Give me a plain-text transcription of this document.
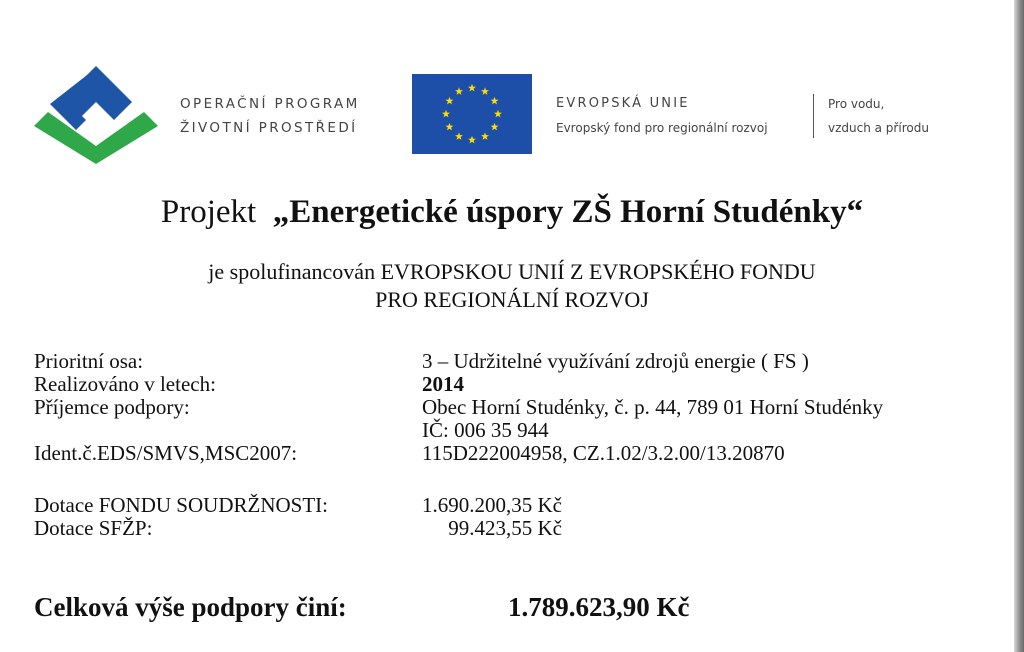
OPERAČNÍ PROGRAM
ŽIVOTNÍ PROSTŘEDÍ
EVROPSKÁ UNIE
Evropský fond pro regionální rozvoj
Pro vodu,
vzduch a přírodu
Projekt „Energetické úspory ZŠ Horní Studénky“
je spolufinancován EVROPSKOU UNIÍ Z EVROPSKÉHO FONDU
PRO REGIONÁLNÍ ROZVOJ
Prioritní osa:	3 – Udržitelné využívání zdrojů energie ( FS )
Realizováno v letech:	2014
Příjemce podpory:	Obec Horní Studénky, č. p. 44, 789 01 Horní Studénky
IČ: 006 35 944
Ident.č.EDS/SMVS,MSC2007:	115D222004958, CZ.1.02/3.2.00/13.20870
Dotace FONDU SOUDRŽNOSTI:	1.690.200,35 Kč
Dotace SFŽP:	99.423,55 Kč
Celková výše podpory činí:	1.789.623,90 Kč
